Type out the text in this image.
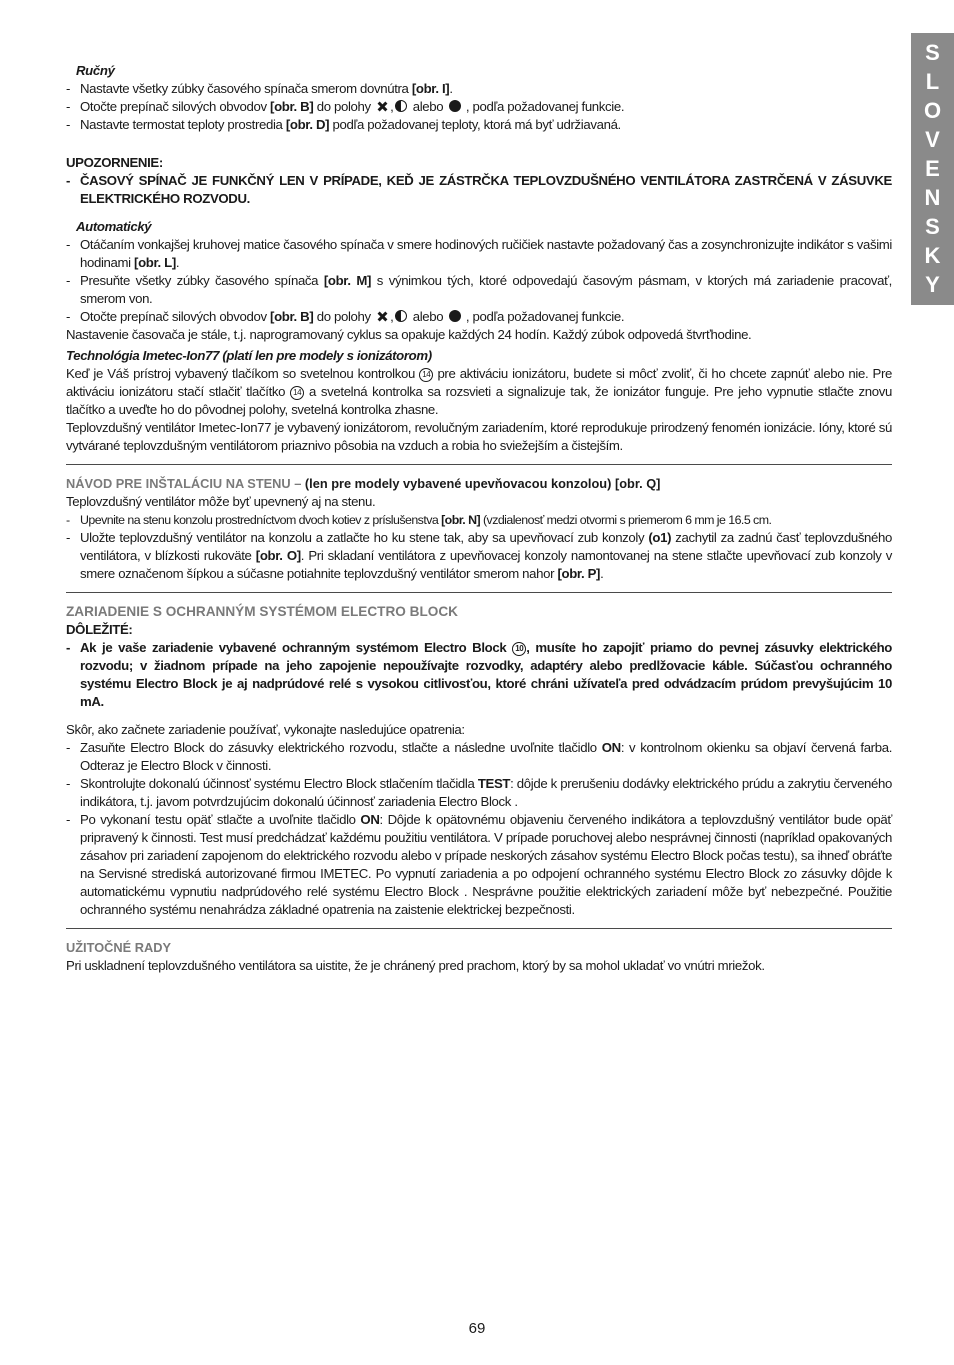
S
L
O
V
E
N
S
K
Y

Ručný

- Nastavte všetky zúbky časového spínača smerom dovnútra [obr. I].

- Otočte prepínač silových obvodov [obr. B] do polohy , alebo  , podľa požadovanej funkcie.

- Nastavte termostat teploty prostredia [obr. D] podľa požadovanej teploty, ktorá má byť udržiavaná.

UPOZORNENIE:

- ČASOVÝ SPÍNAČ JE FUNKČNÝ LEN V PRÍPADE, KEĎ JE ZÁSTRČKA TEPLOVZDUŠNÉHO VENTILÁTORA ZASTRČENÁ V ZÁSUVKE ELEKTRICKÉHO ROZVODU.

Automatický

- Otáčaním vonkajšej kruhovej matice časového spínača v smere hodinových ručičiek nastavte požadovaný čas a zosynchronizujte indikátor s vašimi hodinami [obr. L].

- Presuňte všetky zúbky časového spínača [obr. M] s výnimkou tých, ktoré odpovedajú časovým pásmam, v ktorých má zariadenie pracovať, smerom von.

- Otočte prepínač silových obvodov [obr. B] do polohy , alebo  , podľa požadovanej funkcie.

Nastavenie časovača je stále, t.j. naprogramovaný cyklus sa opakuje každých 24 hodín. Každý zúbok odpovedá štvrťhodine.

Technológia Imetec-Ion77 (platí len pre modely s ionizátorom)

Keď je Váš prístroj vybavený tlačíkom so svetelnou kontrolkou 14 pre aktiváciu ionizátoru, budete si môcť zvoliť, či ho chcete zapnúť alebo nie. Pre aktiváciu ionizátoru stačí stlačiť tlačítko 14 a svetelná kontrolka sa rozsvieti a signalizuje tak, že ionizátor funguje. Pre jeho vypnutie stlačte znovu tlačítko a uveďte ho do pôvodnej polohy, svetelná kontrolka zhasne.

Teplovzdušný ventilátor Imetec-Ion77 je vybavený ionizátorom, revolučným zariadením, ktoré reprodukuje prirodzený fenomén ionizácie. Ióny, ktoré sú vytvárané teplovzdušným ventilátorom priaznivo pôsobia na vzduch a robia ho sviežejším a čistejším.

NÁVOD PRE INŠTALÁCIU NA STENU – (len pre modely vybavené upevňovacou konzolou) [obr. Q]

Teplovzdušný ventilátor môže byť upevnený aj na stenu.

- Upevnite na stenu konzolu prostredníctvom dvoch kotiev z príslušenstva [obr. N] (vzdialenosť medzi otvormi s priemerom 6 mm je 16.5 cm.

- Uložte teplovzdušný ventilátor na konzolu a zatlačte ho ku stene tak, aby sa upevňovací zub konzoly (o1) zachytil za zadnú časť teplovzdušného ventilátora, v blízkosti rukoväte [obr. O]. Pri skladaní ventilátora z upevňovacej konzoly namontovanej na stene stlačte upevňovací zub konzoly v smere označenom šípkou a súčasne potiahnite teplovzdušný ventilátor smerom nahor [obr. P].

ZARIADENIE S OCHRANNÝM SYSTÉMOM ELECTRO BLOCK

DÔLEŽITÉ:

- Ak je vaše zariadenie vybavené ochranným systémom Electro Block 10 , musíte ho zapojiť priamo do pevnej zásuvky elektrického rozvodu; v žiadnom prípade na jeho zapojenie nepoužívajte rozvodky, adaptéry alebo predlžovacie káble. Súčasťou ochranného systému Electro Block je aj nadprúdové relé s vysokou citlivosťou, ktoré chráni užívateľa pred odvádzacím prúdom prevyšujúcim 10 mA.

Skôr, ako začnete zariadenie používať, vykonajte nasledujúce opatrenia:

- Zasuňte Electro Block do zásuvky elektrického rozvodu, stlačte a následne uvoľnite tlačidlo ON: v kontrolnom okienku sa objaví červená farba. Odteraz je Electro Block v činnosti.

- Skontrolujte dokonalú účinnosť systému Electro Block stlačením tlačidla TEST: dôjde k prerušeniu dodávky elektrického prúdu a zakrytiu červeného indikátora, t.j. javom potvrdzujúcim dokonalú účinnosť zariadenia Electro Block .

- Po vykonaní testu opäť stlačte a uvoľnite tlačidlo ON: Dôjde k opätovnému objaveniu červeného indikátora a teplovzdušný ventilátor bude opäť pripravený k činnosti. Test musí predchádzať každému použitiu ventilátora. V prípade poruchovej alebo nesprávnej činnosti (napríklad opakovaných zásahov pri zariadení zapojenom do elektrického rozvodu alebo v prípade neskorých zásahov systému Electro Block počas testu), sa ihneď obráťte na Servisné strediská autorizované firmou IMETEC. Po vypnutí zariadenia a po odpojení ochranného systému Electro Block zo zásuvky dôjde k automatickému vypnutiu nadprúdového relé systému Electro Block . Nesprávne použitie elektrických zariadení môže byť nebezpečné. Použitie ochranného systému nenahrádza základné opatrenia na zaistenie elektrickej bezpečnosti.

UŽITOČNÉ RADY

Pri uskladnení teplovzdušného ventilátora sa uistite, že je chránený pred prachom, ktorý by sa mohol ukladať vo vnútri mriežok.

69
